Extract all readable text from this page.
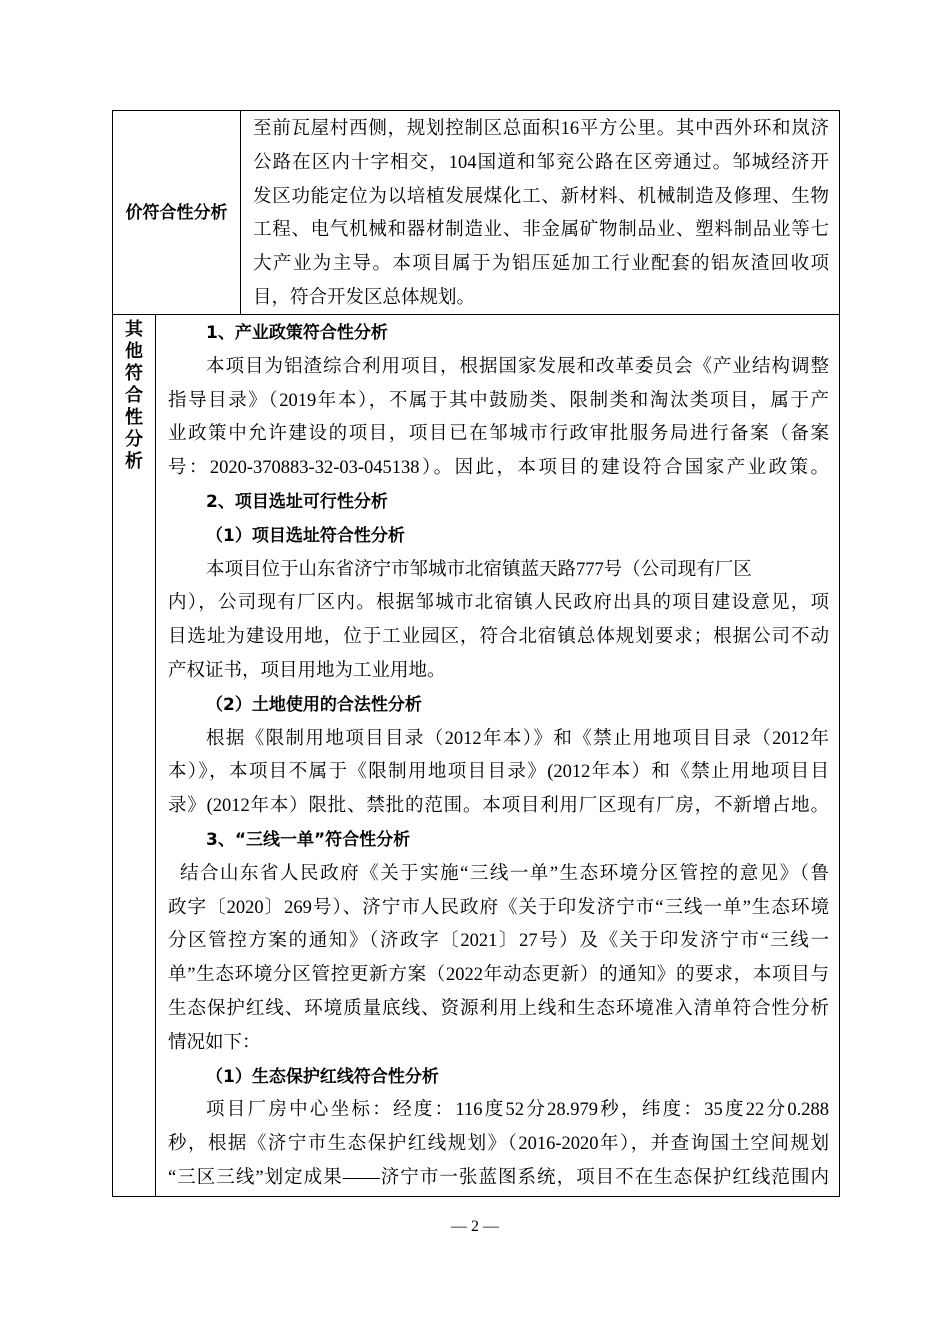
价符合性分析
至前瓦屋村西侧，规划控制区总面积16平方公里。其中西外环和岚济
公路在区内十字相交，104国道和邹兖公路在区旁通过。邹城经济开
发区功能定位为以培植发展煤化工、新材料、机械制造及修理、生物
工程、电气机械和器材制造业、非金属矿物制品业、塑料制品业等七
大产业为主导。本项目属于为铝压延加工行业配套的铝灰渣回收项
目，符合开发区总体规划。
其
他
符
合
性
分
析
1、产业政策符合性分析
本项目为铝渣综合利用项目，根据国家发展和改革委员会《产业结构调整
指导目录》（2019年本），不属于其中鼓励类、限制类和淘汰类项目，属于产
业政策中允许建设的项目，项目已在邹城市行政审批服务局进行备案（备案
号：2020-370883-32-03-045138）。因此，本项目的建设符合国家产业政策。
2、项目选址可行性分析
（1）项目选址符合性分析
本项目位于山东省济宁市邹城市北宿镇蓝天路777号（公司现有厂区
内），公司现有厂区内。根据邹城市北宿镇人民政府出具的项目建设意见，项
目选址为建设用地，位于工业园区，符合北宿镇总体规划要求；根据公司不动
产权证书，项目用地为工业用地。
（2）土地使用的合法性分析
根据《限制用地项目目录（2012年本）》和《禁止用地项目目录（2012年
本）》，本项目不属于《限制用地项目目录》(2012年本）和《禁止用地项目目
录》(2012年本）限批、禁批的范围。本项目利用厂区现有厂房，不新增占地。
3、“三线一单”符合性分析
结合山东省人民政府《关于实施“三线一单”生态环境分区管控的意见》（鲁
政字〔2020〕269号）、济宁市人民政府《关于印发济宁市“三线一单”生态环境
分区管控方案的通知》（济政字〔2021〕27号）及《关于印发济宁市“三线一
单”生态环境分区管控更新方案（2022年动态更新）的通知》的要求，本项目与
生态保护红线、环境质量底线、资源利用上线和生态环境准入清单符合性分析
情况如下：
（1）生态保护红线符合性分析
项目厂房中心坐标：经度：116度52分28.979秒，纬度：35度22分0.288
秒，根据《济宁市生态保护红线规划》（2016-2020年），并查询国土空间规划
“三区三线”划定成果——济宁市一张蓝图系统，项目不在生态保护红线范围内
— 2 —
